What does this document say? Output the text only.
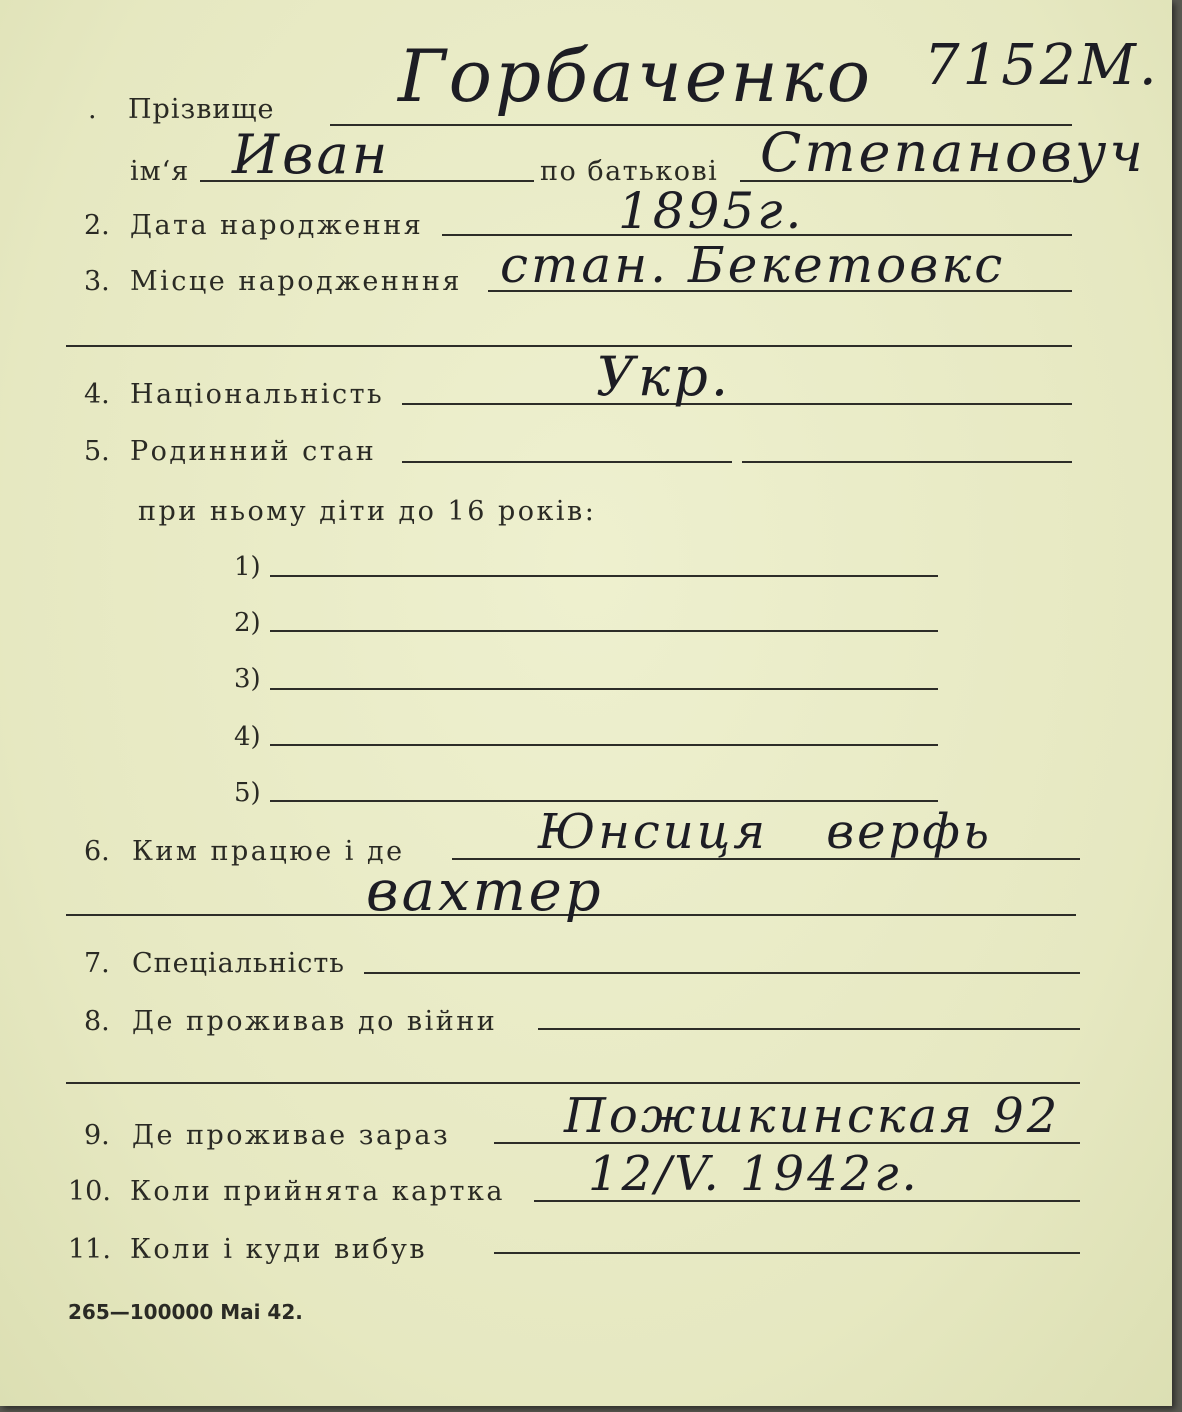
. Прізвище Горбаченко 7152М.
ім‘я Иван	по батькові Степановуч
2. Дата народження	1895г.
3. Місце народженння стан. Бекетовкс
4. Національність	Укр.
5. Родинний стан
при ньому діти до 16 років:
1)
2)
3)
4)
5)
6. Ким працюе і де	Юнсиця верфь
вахтер
7. Спеціальність
8. Де проживав до війни
9. Де проживаe зараз Пожшкинская 92
10. Коли прийнята картка 12/V. 1942г.
11. Коли і куди вибув
265—100000 Mai 42.
